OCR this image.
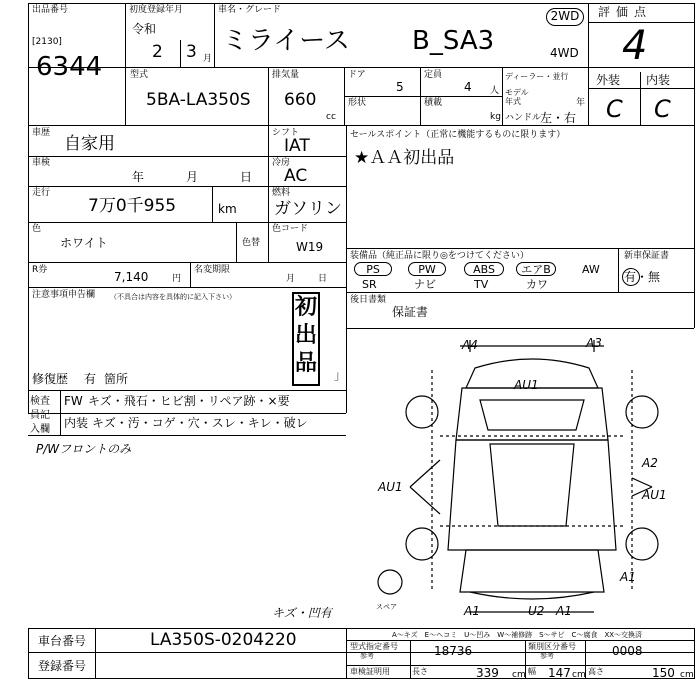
出品番号
[2130]
6344
初度登録年月
令和
2 3 月
車名・グレード
ミライース B_SA3
2WD
4WD
評価点
4
型式
5BA-LA350S
排気量
660
cc
ドア
5
定員
4 人
形状	積載
kg
ディーラー・並行
モデル年式	年
ハンドル
左・右
外装 内装
C C
車歴
自家用
車検
年	月	日
走行
7万0千955	km
色
ホワイト	色替
シフト
IAT
冷房
AC
燃料
ガソリン
色コード
W19
R券	7,140	円
名変期限
月	日
注意事項申告欄 （不具合は内容を具体的に記入下さい）	初出品 」
修復歴 有 箇所
検査員記入欄
FW キズ・飛石・ヒビ割・リペア跡・×要
内装 キズ・汚・コゲ・穴・スレ・キレ・破レ
P/Wフロントのみ
セールスポイント（正常に機能するものに限ります）
★ＡＡ初出品
装備品（純正品に限り◎をつけてください）
PS	PW	ABS	エアB	AW
SR	ナビ	TV	カワ
新車保証書
有・無
後日書類
保証書
A4	A3
AU1
AU1
A2
AU1
A1
A1	U2 A1
スペア
キズ・凹有
A～キズ　E～ヘコミ　U～凹み　W～補修跡　S～サビ　C～腐食　XX～交換済
車台番号	LA350S-0204220
登録番号
型式指定番号
参考	18736	類別区分番号
参考	0008
車検証明用	長さ	339 cm 幅 147 cm 高さ	150 cm
